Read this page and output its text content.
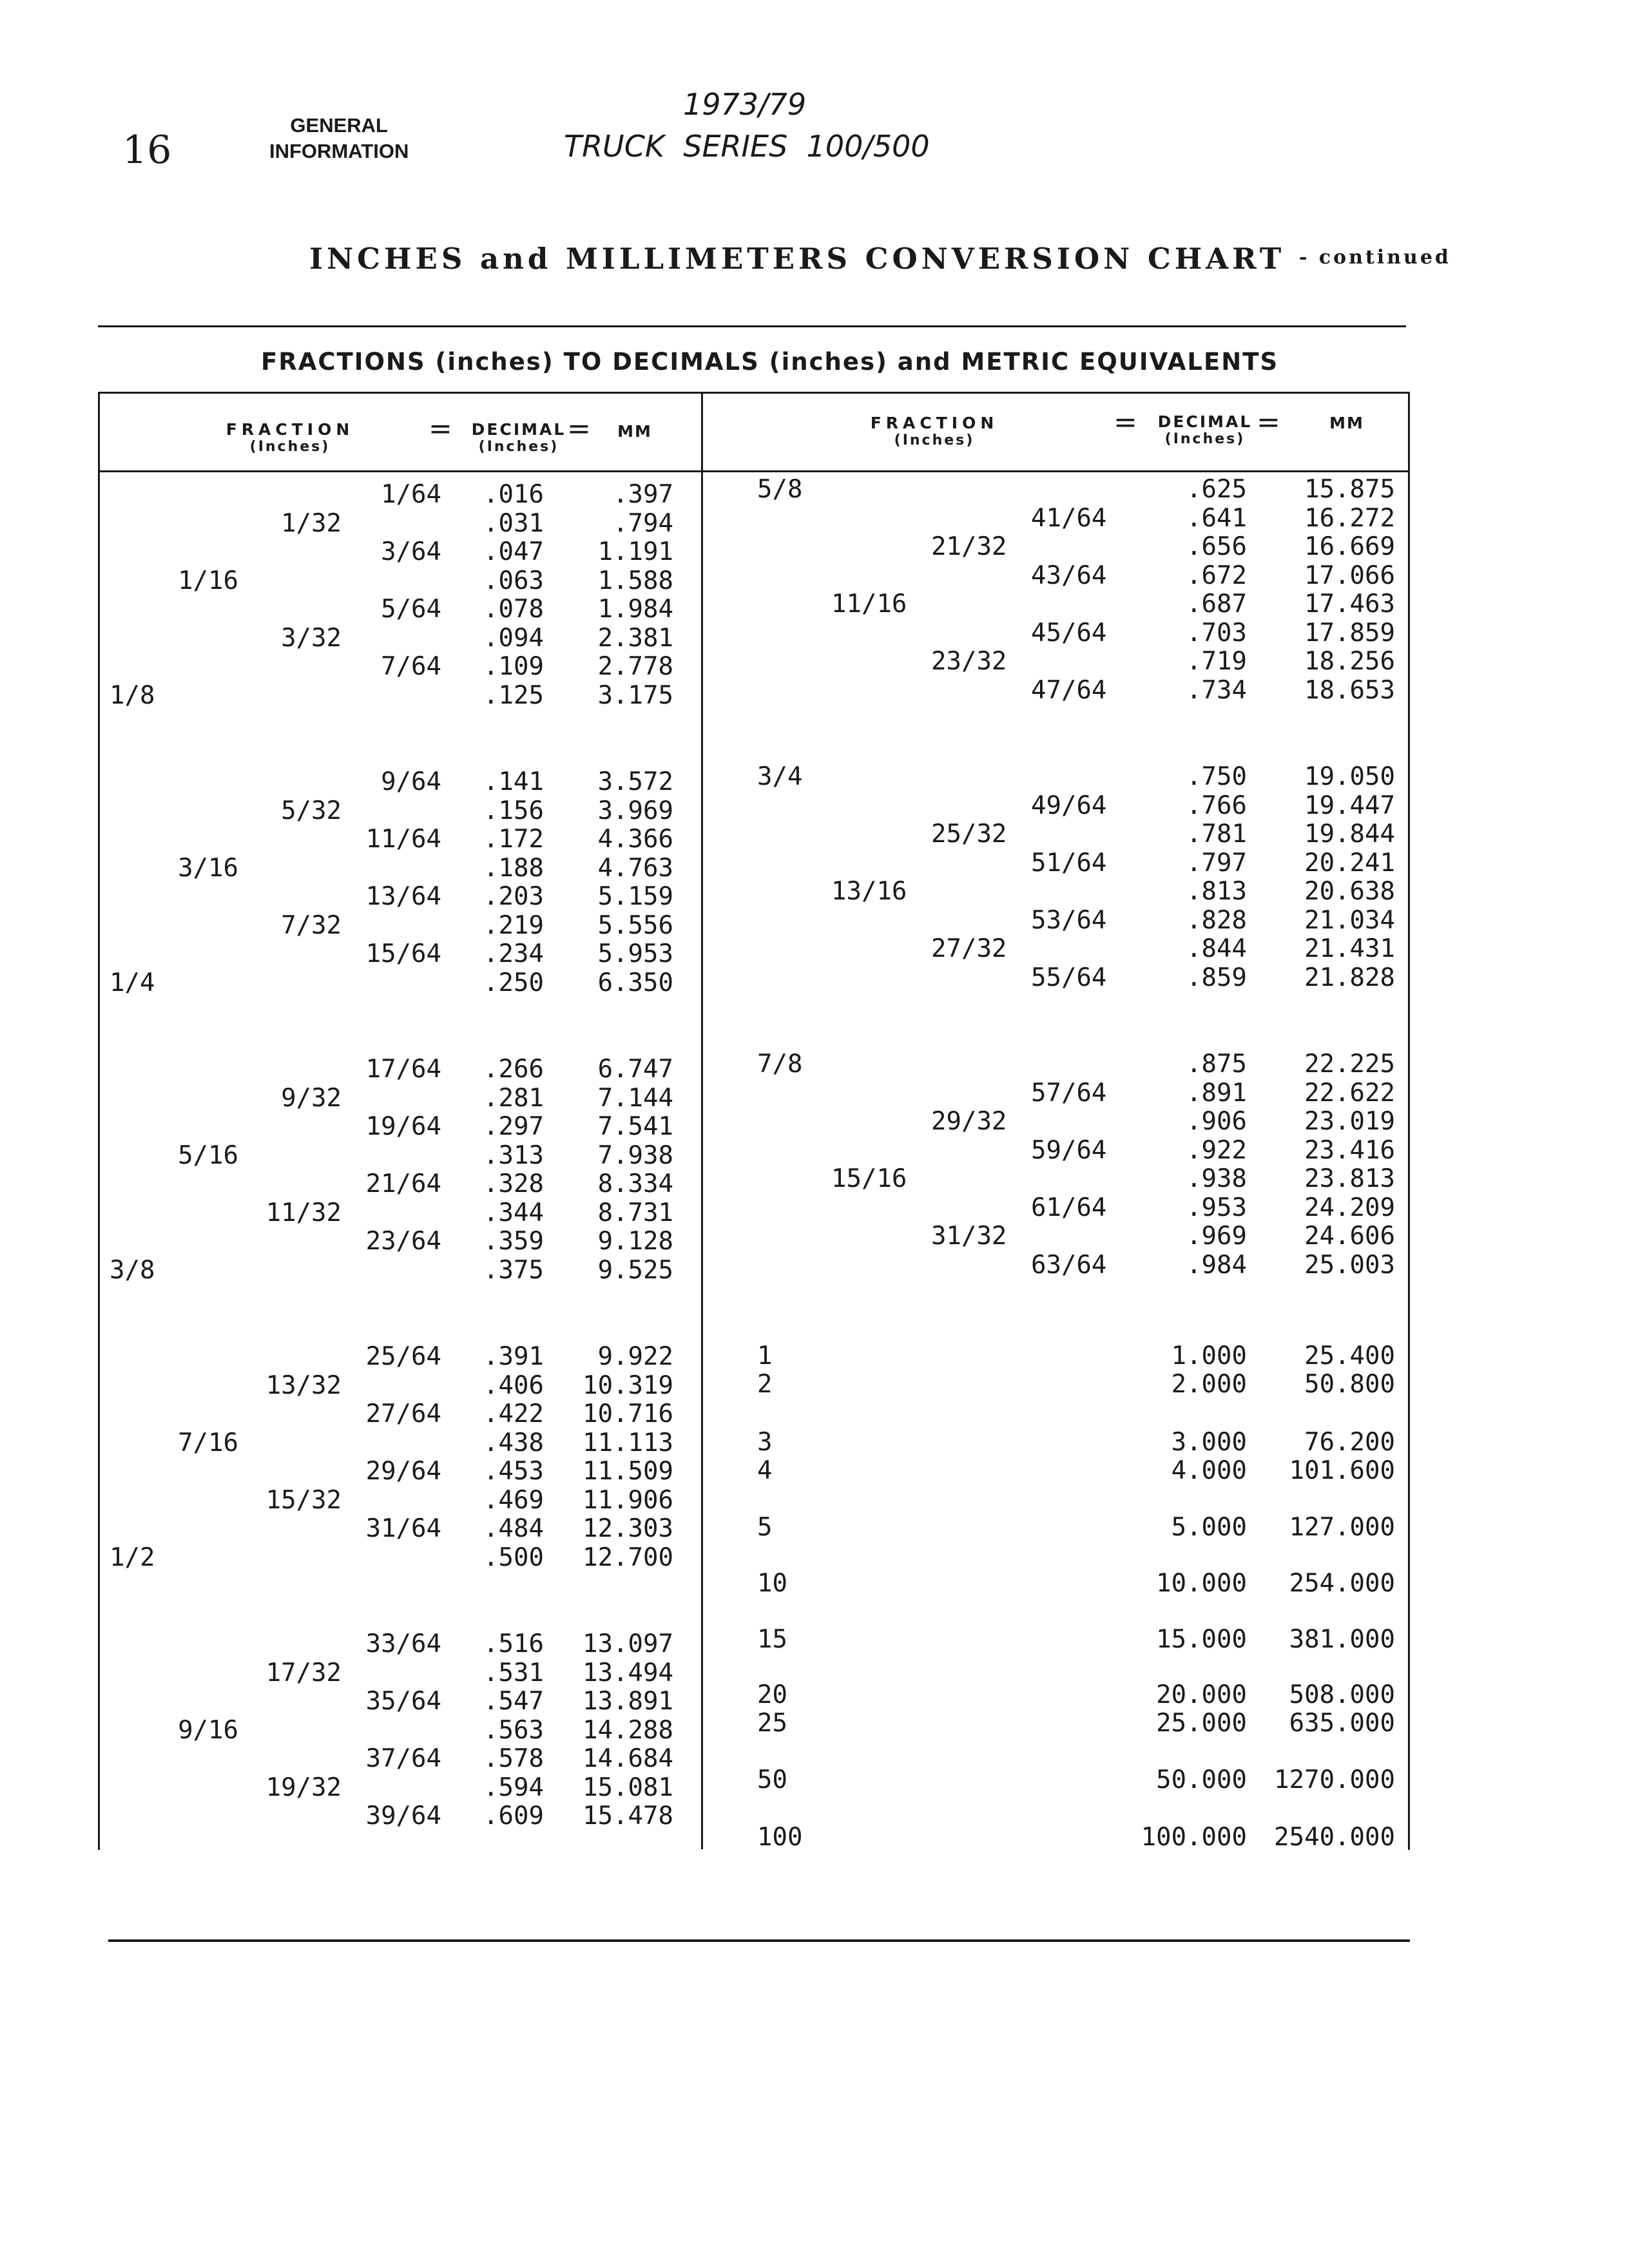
16
GENERAL
INFORMATION
1973/79
TRUCK  SERIES  100/500
INCHES and MILLIMETERS CONVERSION CHART - continued
FRACTIONS (inches) TO DECIMALS (inches) and METRIC EQUIVALENTS
FRACTION
(Inches)
=	DECIMAL
(Inches)
=	MM	FRACTION
(Inches)
=	DECIMAL
(Inches)
=	MM
1/64 .016	.397
1/32	.031	.794
3/64 .047 1.191
1/16	.063 1.588
5/64 .078 1.984
3/32	.094 2.381
7/64 .109 2.778
1/8	.125 3.175
9/64 .141 3.572
5/32	.156 3.969
11/64 .172 4.366
3/16	.188 4.763
13/64 .203 5.159
7/32	.219 5.556
15/64 .234 5.953
1/4	.250 6.350
17/64 .266 6.747
9/32	.281 7.144
19/64 .297 7.541
5/16	.313 7.938
21/64 .328 8.334
11/32	.344 8.731
23/64 .359 9.128
3/8	.375 9.525
25/64 .391 9.922
13/32	.406 10.319
27/64 .422 10.716
7/16	.438 11.113
29/64 .453 11.509
15/32	.469 11.906
31/64 .484 12.303
1/2	.500 12.700
33/64 .516 13.097
17/32	.531 13.494
35/64 .547 13.891
9/16	.563 14.288
37/64 .578 14.684
19/32	.594 15.081
39/64 .609 15.478
5/8	.625 15.875
41/64	.641 16.272
21/32	.656 16.669
43/64	.672 17.066
11/16	.687 17.463
45/64	.703 17.859
23/32	.719 18.256
47/64	.734 18.653
3/4	.750 19.050
49/64	.766 19.447
25/32	.781 19.844
51/64	.797 20.241
13/16	.813 20.638
53/64	.828 21.034
27/32	.844 21.431
55/64	.859 21.828
7/8	.875 22.225
57/64	.891 22.622
29/32	.906 23.019
59/64	.922 23.416
15/16	.938 23.813
61/64	.953 24.209
31/32	.969 24.606
63/64	.984 25.003
1	1.000 25.400
2	2.000 50.800
3	3.000 76.200
4	4.000 101.600
5	5.000 127.000
10	10.000 254.000
15	15.000 381.000
20	20.000 508.000
25	25.000 635.000
50	50.000 1270.000
100	100.000 2540.000
